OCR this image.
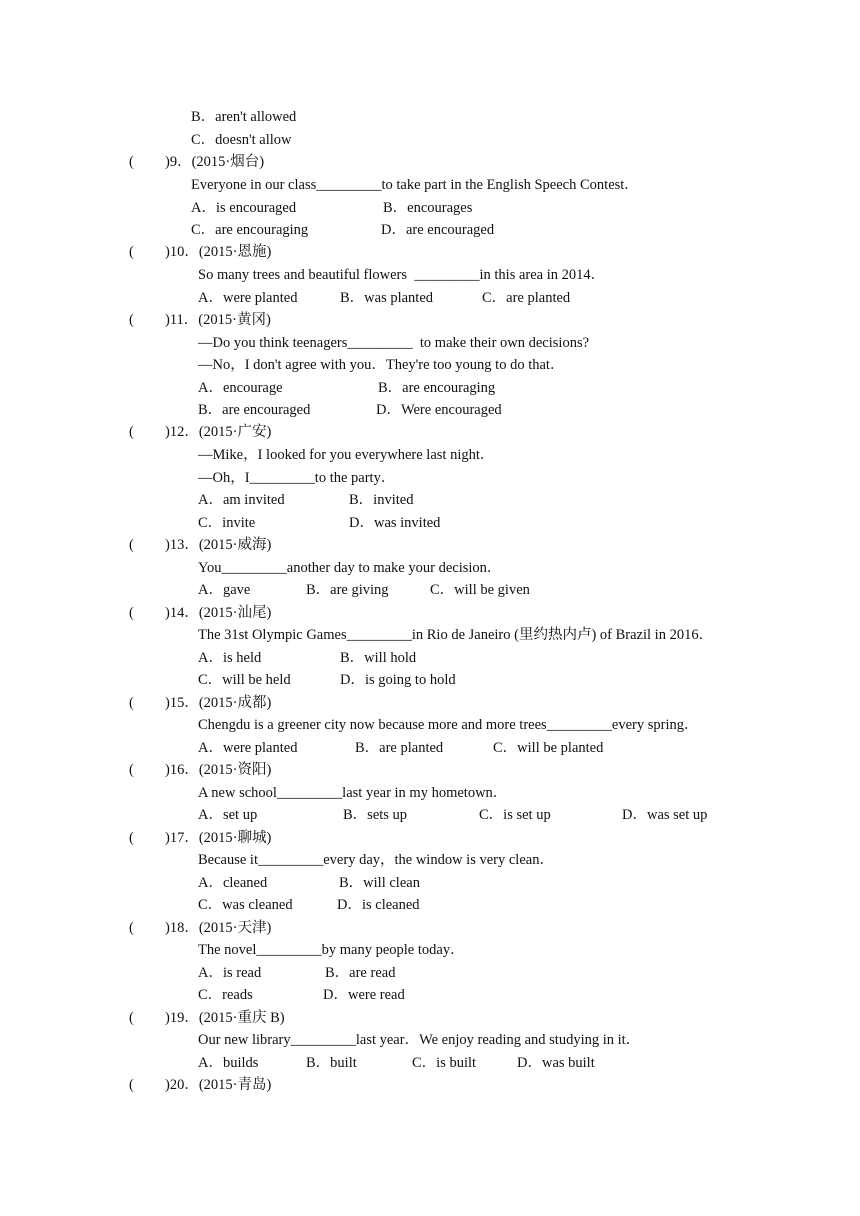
B．aren't allowed
C．doesn't allow
( )9．(2015·烟台)
Everyone in our class_________to take part in the English Speech Contest．
A．is encouraged	B．encourages
C．are encouraging	D．are encouraged
( )10．(2015·恩施)
So many trees and beautiful flowers  _________in this area in 2014．
A．were planted	B．was planted	C．are planted
( )11．(2015·黄冈)
—Do you think teenagers_________  to make their own decisions?
—No，I don't agree with you．They're too young to do that．
A．encourage	B．are encouraging
B．are encouraged	D．Were encouraged
( )12．(2015·广安)
—Mike，I looked for you everywhere last night．
—Oh，I_________to the party．
A．am invited	B．invited
C．invite	D．was invited
( )13．(2015·威海)
You_________another day to make your decision．
A．gave	B．are giving	C．will be given
( )14．(2015·汕尾)
The 31st Olympic Games_________in Rio de Janeiro (里约热内卢) of Brazil in 2016．
A．is held	B．will hold
C．will be held	D．is going to hold
( )15．(2015·成都)
Chengdu is a greener city now because more and more trees_________every spring．
A．were planted	B．are planted	C．will be planted
( )16．(2015·资阳)
A new school_________last year in my hometown．
A．set up	B．sets up	C．is set up	D．was set up
( )17．(2015·聊城)
Because it_________every day，the window is very clean．
A．cleaned	B．will clean
C．was cleaned	D．is cleaned
( )18．(2015·天津)
The novel_________by many people today．
A．is read	B．are read
C．reads	D．were read
( )19．(2015·重庆 B)
Our new library_________last year．We enjoy reading and studying in it．
A．builds	B．built	C．is built	D．was built
( )20．(2015·青岛)
